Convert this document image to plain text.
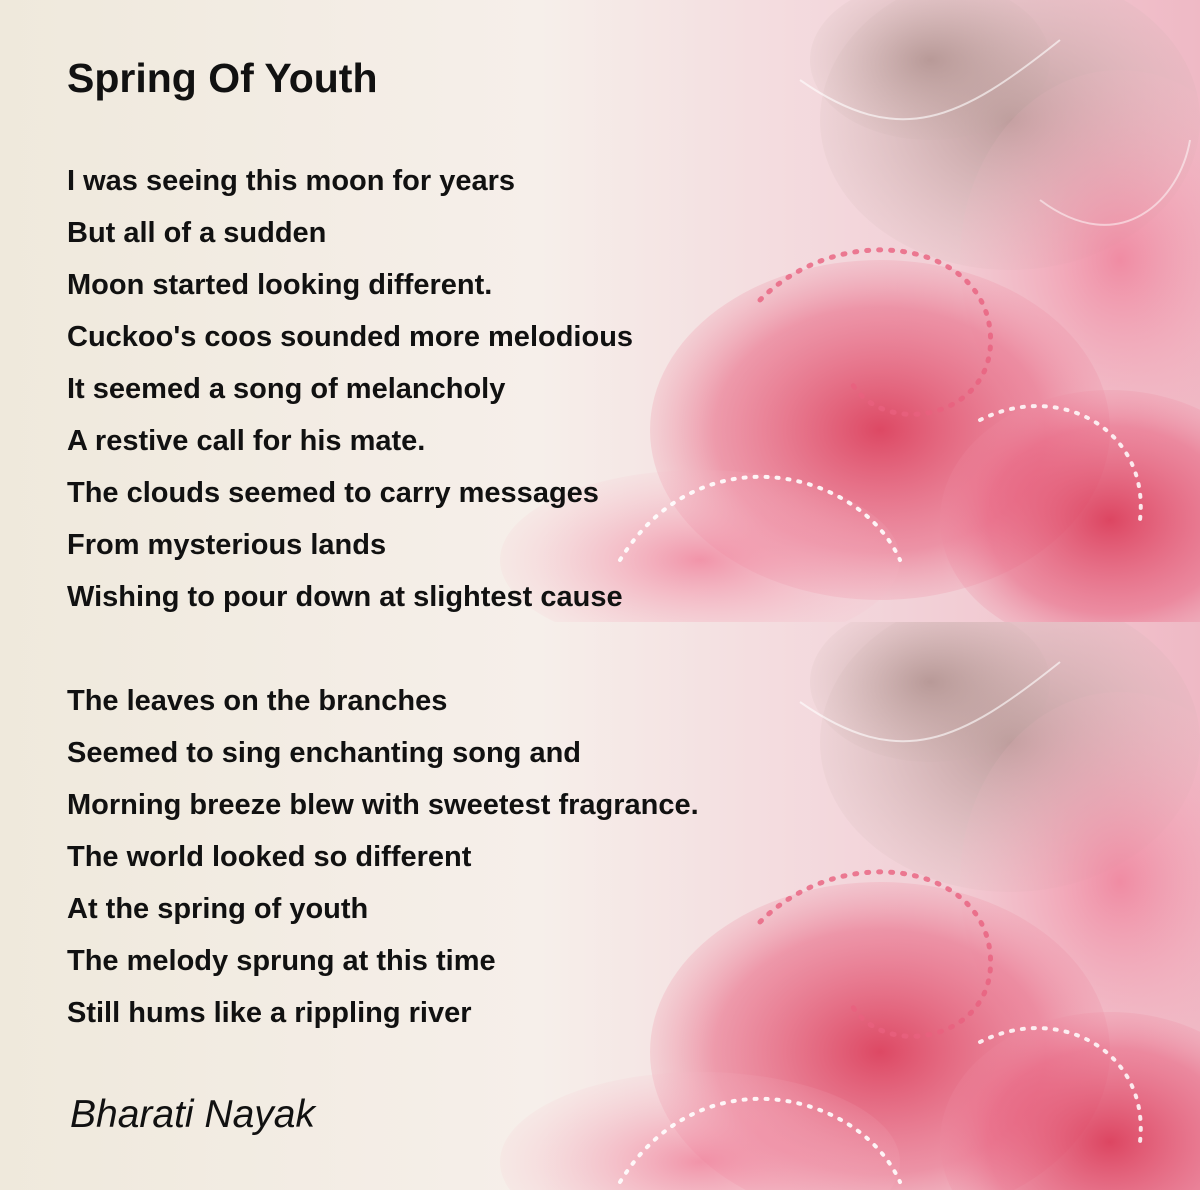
Spring Of Youth
I was seeing this moon for years
But all of a sudden
Moon started looking different.
Cuckoo's coos sounded more melodious
It seemed a song of melancholy
A restive call for his mate.
The clouds seemed to carry messages
From mysterious lands
Wishing to pour down at slightest cause
The leaves on the branches
Seemed to sing enchanting song and
Morning breeze blew with sweetest fragrance.
The world looked so different
At the spring of youth
The melody sprung at this time
Still hums like a rippling river

Bharati Nayak
